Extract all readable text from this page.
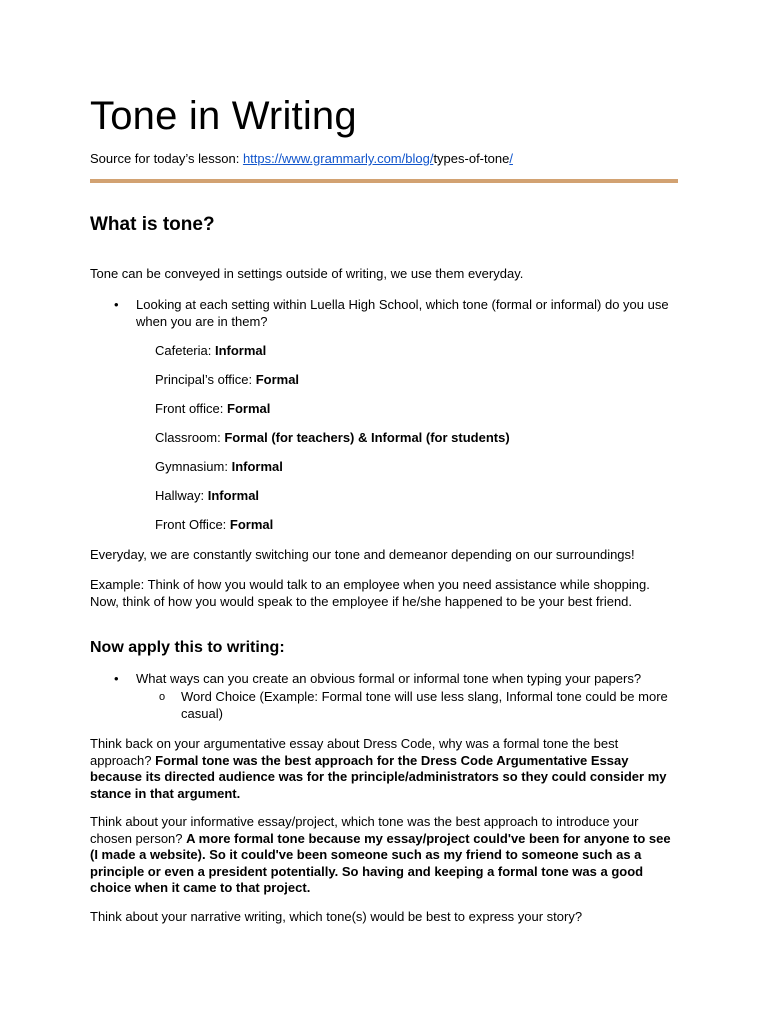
Tone in Writing
Source for today’s lesson: https://www.grammarly.com/blog/types-of-tone/
What is tone?

Tone can be conveyed in settings outside of writing, we use them everyday.

• Looking at each setting within Luella High School, which tone (formal or informal) do you use when you are in them?

Cafeteria: Informal
Principal’s office: Formal
Front office: Formal
Classroom: Formal (for teachers) & Informal (for students)
Gymnasium: Informal
Hallway: Informal
Front Office: Formal

Everyday, we are constantly switching our tone and demeanor depending on our surroundings!

Example: Think of how you would talk to an employee when you need assistance while shopping. Now, think of how you would speak to the employee if he/she happened to be your best friend.

Now apply this to writing:
• What ways can you create an obvious formal or informal tone when typing your papers?

o Word Choice (Example: Formal tone will use less slang, Informal tone could be more casual)

Think back on your argumentative essay about Dress Code, why was a formal tone the best approach? Formal tone was the best approach for the Dress Code Argumentative Essay because its directed audience was for the principle/administrators so they could consider my stance in that argument.

Think about your informative essay/project, which tone was the best approach to introduce your chosen person? A more formal tone because my essay/project could've been for anyone to see (I made a website). So it could've been someone such as my friend to someone such as a principle or even a president potentially. So having and keeping a formal tone was a good choice when it came to that project.

Think about your narrative writing, which tone(s) would be best to express your story?
